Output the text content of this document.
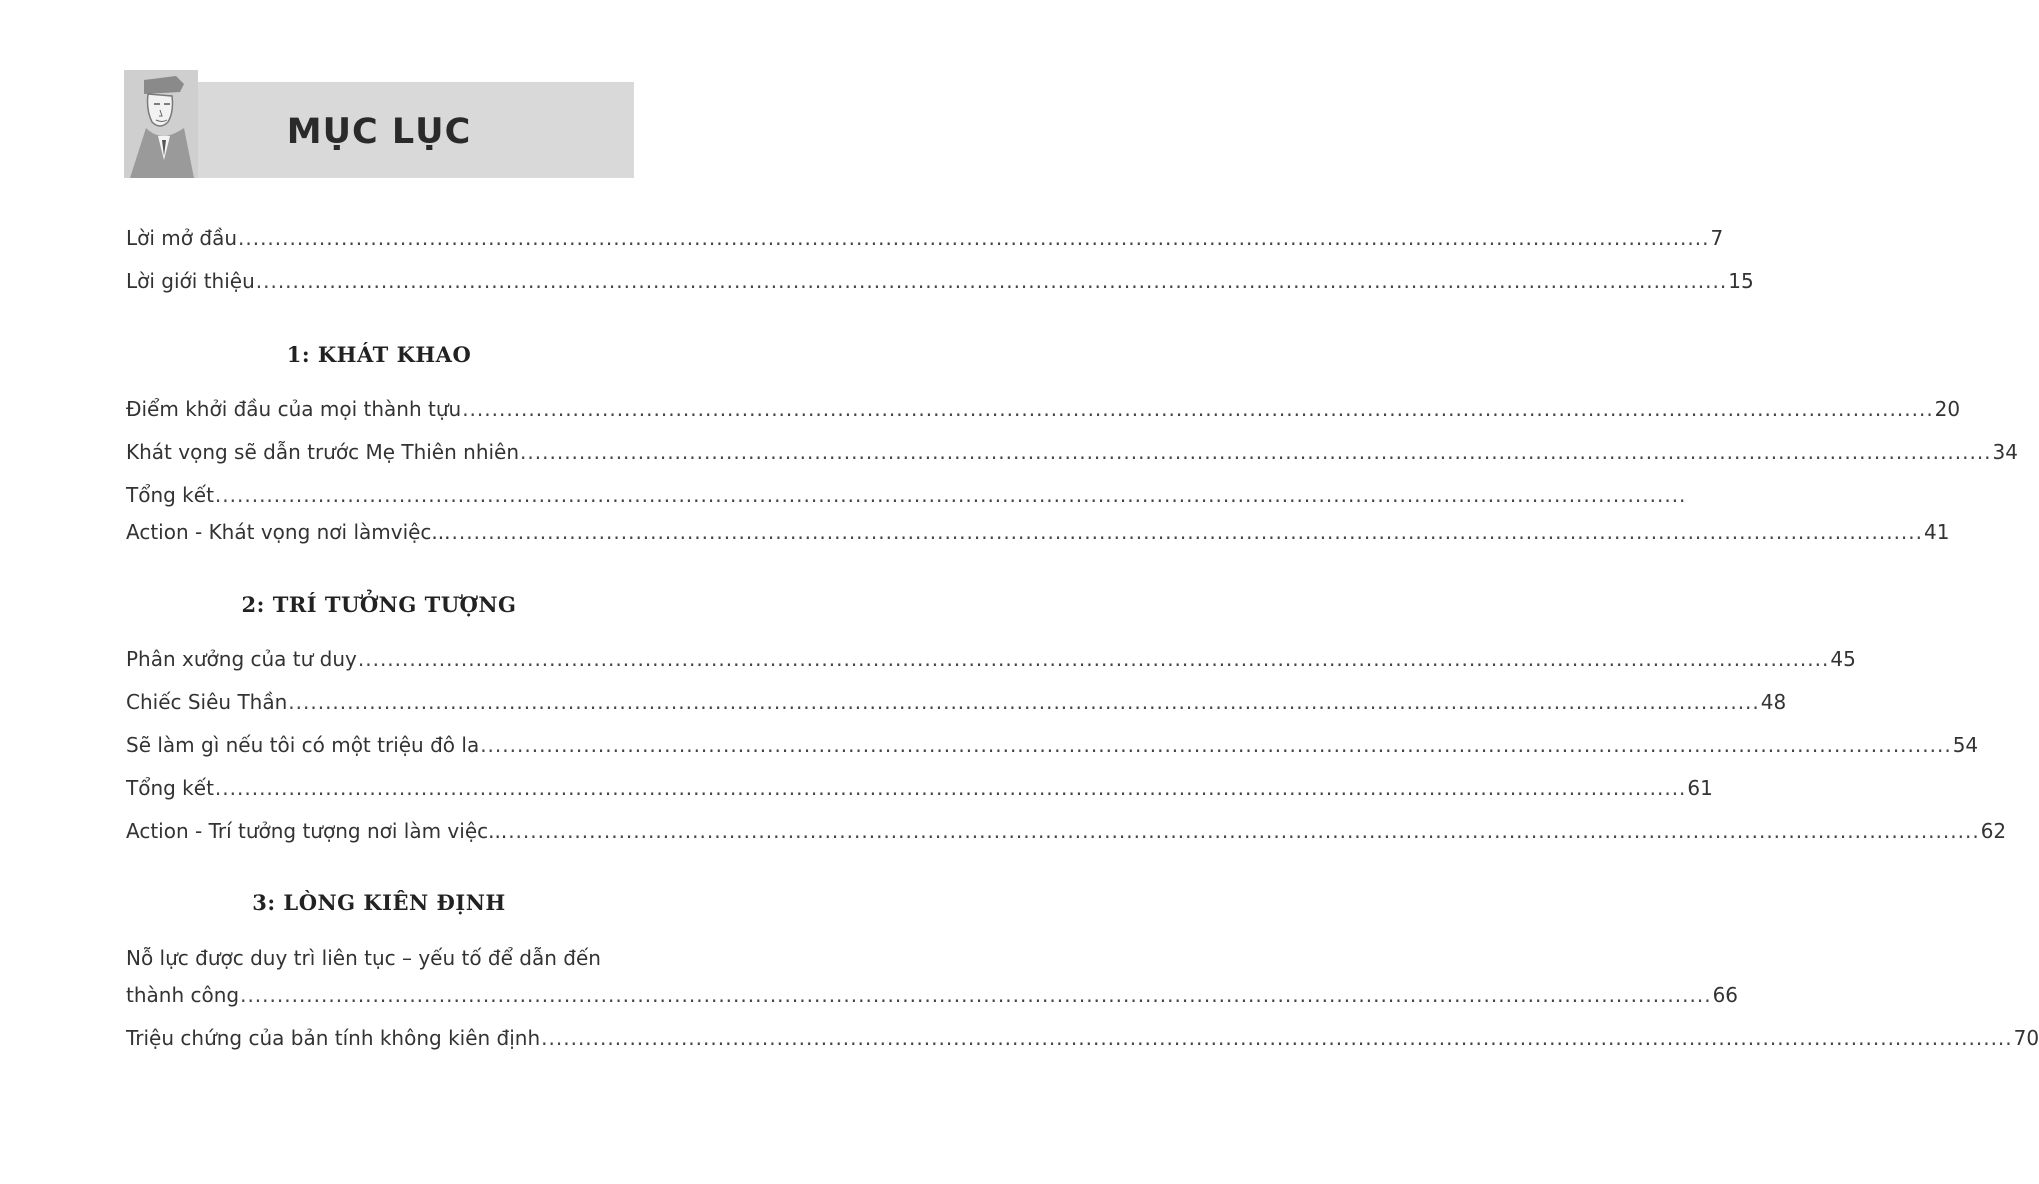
MỤC LỤC
Lời mở đầu ........................................................................................................................................................................................................ 7
Lời giới thiệu ........................................................................................................................................................................................................ 15
1: KHÁT KHAO
Điểm khởi đầu của mọi thành tựu ........................................................................................................................................................................................................ 20
Khát vọng sẽ dẫn trước Mẹ Thiên nhiên ........................................................................................................................................................................................................ 34
Tổng kết ........................................................................................................................................................................................................
Action - Khát vọng nơi làmviệc... ........................................................................................................................................................................................................ 41
2: TRÍ TƯỞNG TƯỢNG
Phân xưởng của tư duy ........................................................................................................................................................................................................ 45
Chiếc Siêu Thần ........................................................................................................................................................................................................ 48
Sẽ làm gì nếu tôi có một triệu đô la ........................................................................................................................................................................................................ 54
Tổng kết ........................................................................................................................................................................................................ 61
Action - Trí tưởng tượng nơi làm việc... ........................................................................................................................................................................................................ 62
3: LÒNG KIÊN ĐỊNH
Nỗ lực được duy trì liên tục – yếu tố để dẫn đến
thành công ........................................................................................................................................................................................................ 66
Triệu chứng của bản tính không kiên định ........................................................................................................................................................................................................ 70
